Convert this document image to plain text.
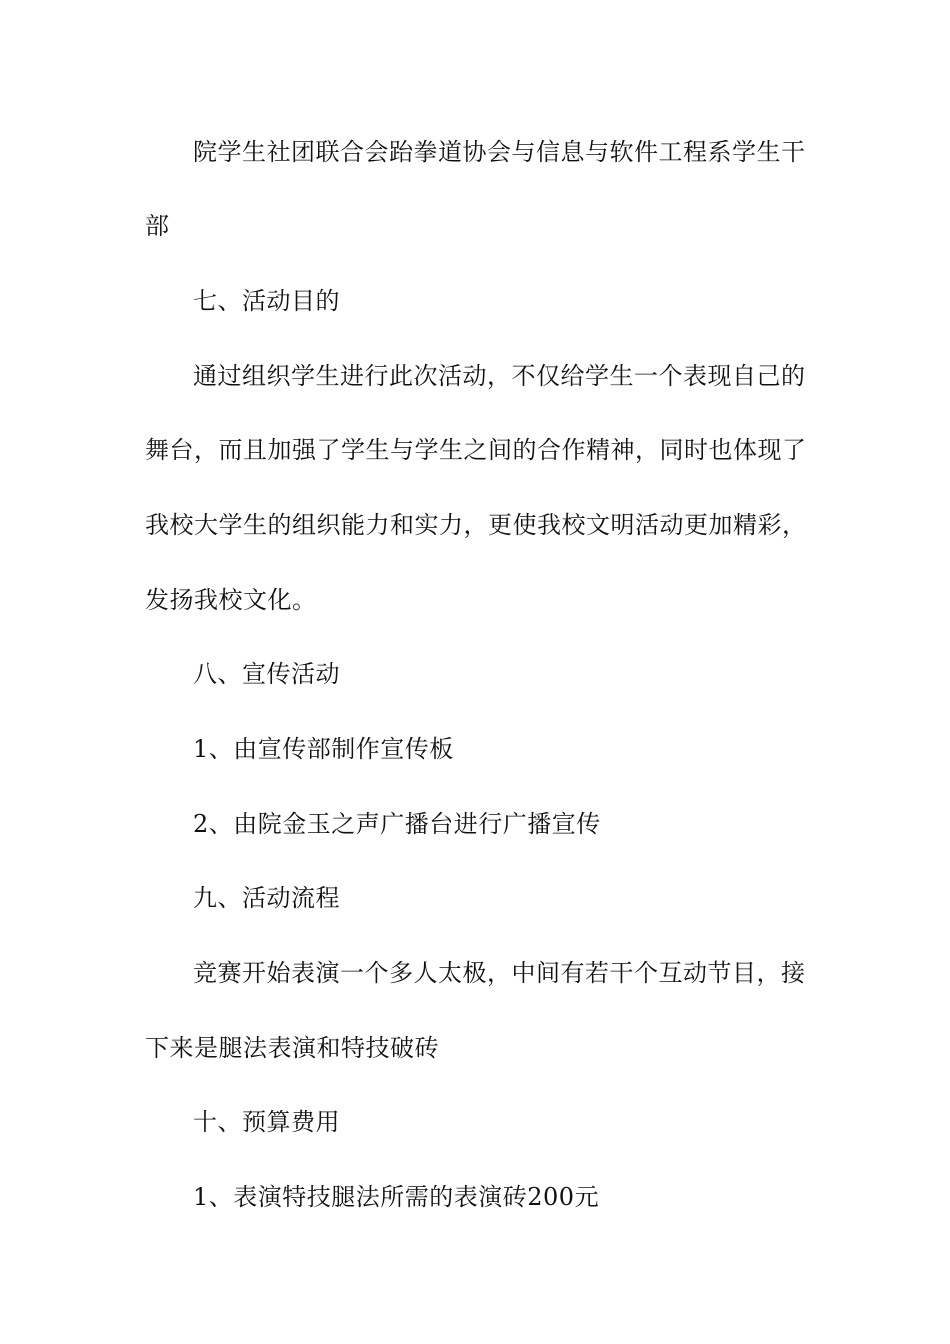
院学生社团联合会跆拳道协会与信息与软件工程系学生干

部

七、活动目的

通过组织学生进行此次活动，不仅给学生一个表现自己的

舞台，而且加强了学生与学生之间的合作精神，同时也体现了

我校大学生的组织能力和实力，更使我校文明活动更加精彩，

发扬我校文化。

八、宣传活动

1、由宣传部制作宣传板

2、由院金玉之声广播台进行广播宣传

九、活动流程

竞赛开始表演一个多人太极，中间有若干个互动节目，接

下来是腿法表演和特技破砖

十、预算费用

1、表演特技腿法所需的表演砖200元
